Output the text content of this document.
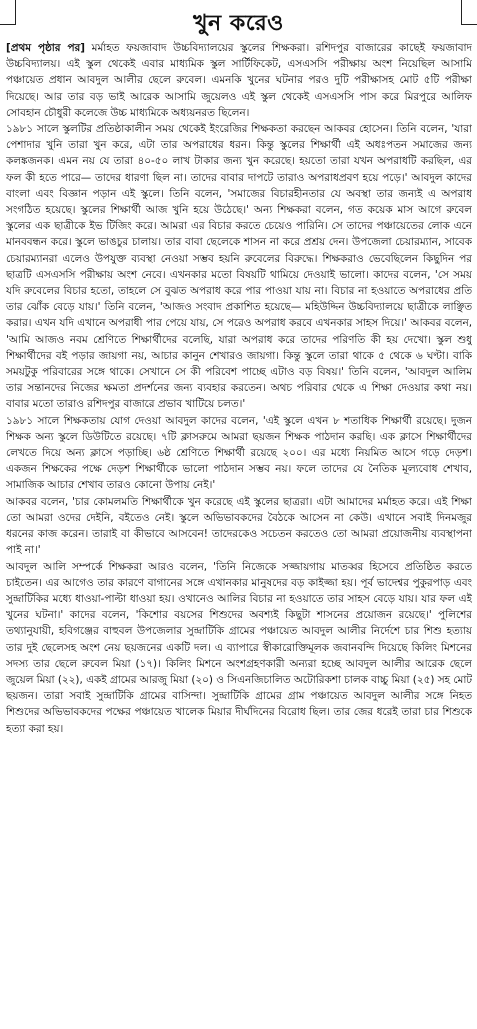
খুন করেও

[প্রথম পৃষ্ঠার পর] মর্মাহত ফয়জাবাদ উচ্চবিদ্যালয়ের স্কুলের শিক্ষকরা। রশিদপুর বাজারের কাছেই ফয়জাবাদ উচ্চবিদ্যালয়। এই স্কুল থেকেই এবার মাধ্যমিক স্কুল সার্টিফিকেট, এসএসসি পরীক্ষায় অংশ নিয়েছিল আসামি পঞ্চায়েত প্রধান আবদুল আলীর ছেলে রুবেল। এমনকি খুনের ঘটনার পরও দুটি পরীক্ষাসহ মোট ৫টি পরীক্ষা দিয়েছে। আর তার বড় ভাই আরেক আসামি জুয়েলও এই স্কুল থেকেই এসএসসি পাস করে মিরপুরে আলিফ সোবহান চৌধুরী কলেজে উচ্চ মাধ্যমিকে অধ্যয়নরত ছিলেন।

১৯৮১ সালে স্কুলটির প্রতিষ্ঠাকালীন সময় থেকেই ইংরেজির শিক্ষকতা করছেন আকবর হোসেন। তিনি বলেন, 'যারা পেশাদার খুনি তারা খুন করে, এটা তার অপরাধের ধরন। কিন্তু স্কুলের শিক্ষার্থী এই অধঃপতন সমাজের জন্য কলঙ্কজনক। এমন নয় যে তারা ৪০-৫০ লাখ টাকার জন্য খুন করেছে। হয়তো তারা যখন অপরাধটি করছিল, এর ফল কী হতে পারে— তাদের ধারণা ছিল না। তাদের বাবার দাপটে তারাও অপরাধপ্রবণ হয়ে পড়ে।' আবদুল কাদের বাংলা এবং বিজ্ঞান পড়ান এই স্কুলে। তিনি বলেন, 'সমাজের বিচারহীনতার যে অবস্থা তার জন্যই এ অপরাধ সংগঠিত হয়েছে। স্কুলের শিক্ষার্থী আজ খুনি হয়ে উঠেছে।' অন্য শিক্ষকরা বলেন, গত কয়েক মাস আগে রুবেল স্কুলের এক ছাত্রীকে ইভ টিজিং করে। আমরা এর বিচার করতে চেয়েও পারিনি। সে তাদের পঞ্চায়েতের লোক এনে মানববন্ধন করে। স্কুলে ভাঙচুর চালায়। তার বাবা ছেলেকে শাসন না করে প্রশ্রয় দেন। উপজেলা চেয়ারম্যান, সাবেক চেয়ারম্যানরা এলেও উপযুক্ত ব্যবস্থা নেওয়া সম্ভব হয়নি রুবেলের বিরুদ্ধে। শিক্ষকরাও ভেবেছিলেন কিছুদিন পর ছাত্রটি এসএসসি পরীক্ষায় অংশ নেবে। এখনকার মতো বিষয়টি থামিয়ে দেওয়াই ভালো। কাদের বলেন, 'সে সময় যদি রুবেলের বিচার হতো, তাহলে সে বুঝত অপরাধ করে পার পাওয়া যায় না। বিচার না হওয়াতে অপরাধের প্রতি তার ঝোঁক বেড়ে যায়।' তিনি বলেন, 'আজও সংবাদ প্রকাশিত হয়েছে— মহিউদ্দিন উচ্চবিদ্যালয়ে ছাত্রীকে লাঞ্ছিত করার। এখন যদি এখানে অপরাধী পার পেয়ে যায়, সে পরেও অপরাধ করবে এখনকার সাহস দিয়ে।' আকবর বলেন, 'আমি আজও নবম শ্রেণিতে শিক্ষার্থীদের বলেছি, যারা অপরাধ করে তাদের পরিণতি কী হয় দেখো। স্কুল শুধু শিক্ষার্থীদের বই পড়ার জায়গা নয়, আচার কানুন শেখারও জায়গা। কিন্তু স্কুলে তারা থাকে ৫ থেকে ৬ ঘণ্টা। বাকি সময়টুকু পরিবারের সঙ্গে থাকে। সেখানে সে কী পরিবেশ পাচ্ছে এটাও বড় বিষয়।' তিনি বলেন, 'আবদুল আলিম তার সন্তানদের নিজের ক্ষমতা প্রদর্শনের জন্য ব্যবহার করতেন। অথচ পরিবার থেকে এ শিক্ষা দেওয়ার কথা নয়। বাবার মতো তারাও রশিদপুর বাজারে প্রভাব খাটিয়ে চলত।'

১৯৮১ সালে শিক্ষকতায় যোগ দেওয়া আবদুল কাদের বলেন, 'এই স্কুলে এখন ৮ শতাধিক শিক্ষার্থী রয়েছে। দুজন শিক্ষক অন্য স্কুলে ডিউটিতে রয়েছে। ৭টি ক্লাসরুমে আমরা ছয়জন শিক্ষক পাঠদান করছি। এক ক্লাসে শিক্ষার্থীদের লেখতে দিয়ে অন্য ক্লাসে পড়াচ্ছি। ৬ষ্ঠ শ্রেণিতে শিক্ষার্থী রয়েছে ২০০। এর মধ্যে নিয়মিত আসে গড়ে দেড়শ। একজন শিক্ষকের পক্ষে দেড়শ শিক্ষার্থীকে ভালো পাঠদান সম্ভব নয়। ফলে তাদের যে নৈতিক মূল্যবোধ শেখাব, সামাজিক আচার শেখাব তারও কোনো উপায় নেই।'

আকবর বলেন, 'চার কোমলমতি শিক্ষার্থীকে খুন করেছে এই স্কুলের ছাত্ররা। এটা আমাদের মর্মাহত করে। এই শিক্ষা তো আমরা ওদের দেইনি, বইতেও নেই। স্কুলে অভিভাবকদের বৈঠকে আসেন না কেউ। এখানে সবাই দিনমজুর ধরনের কাজ করেন। তারাই বা কীভাবে আসবেন! তাদেরকেও সচেতন করতেও তো আমরা প্রয়োজনীয় ব্যবস্থাপনা পাই না।'

আবদুল আলি সম্পর্কে শিক্ষকরা আরও বলেন, 'তিনি নিজেকে সজ্জায়গায় মাতব্বর হিসেবে প্রতিষ্ঠিত করতে চাইতেন। এর আগেও তার কারণে বাগানের সঙ্গে এখানকার মানুষদের বড় কাইজ্জা হয়। পূর্ব ভাদেশ্বর পুকুরপাড় এবং সুন্দ্রাটিকির মধ্যে ধাওয়া-পাল্টা ধাওয়া হয়। ওখানেও আলির বিচার না হওয়াতে তার সাহস বেড়ে যায়। যার ফল এই খুনের ঘটনা।' কাদের বলেন, 'কিশোর বয়সের শিশুদের অবশ্যই কিছুটা শাসনের প্রয়োজন রয়েছে।' পুলিশের তথ্যানুযায়ী, হবিগঞ্জের বাহুবল উপজেলার সুন্দ্রাটিকি গ্রামের পঞ্চায়েত আবদুল আলীর নির্দেশে চার শিশু হত্যায় তার দুই ছেলেসহ অংশ নেয় ছয়জনের একটি দল। এ ব্যাপারে স্বীকারোক্তিমূলক জবানবন্দি দিয়েছে কিলিং মিশনের সদস্য তার ছেলে রুবেল মিয়া (১৭)। কিলিং মিশনে অংশগ্রহণকারী অন্যরা হচ্ছে আবদুল আলীর আরেক ছেলে জুয়েল মিয়া (২২), একই গ্রামের আরজু মিয়া (২০) ও সিএনজিচালিত অটোরিকশা চালক বাচ্চু মিয়া (২৫) সহ মোট ছয়জন। তারা সবাই সুন্দ্রাটিকি গ্রামের বাসিন্দা। সুন্দ্রাটিকি গ্রামের গ্রাম পঞ্চায়েত আবদুল আলীর সঙ্গে নিহত শিশুদের অভিভাবকদের পক্ষের পঞ্চায়েত খালেক মিয়ার দীর্ঘদিনের বিরোধ ছিল। তার জের ধরেই তারা চার শিশুকে হত্যা করা হয়।
